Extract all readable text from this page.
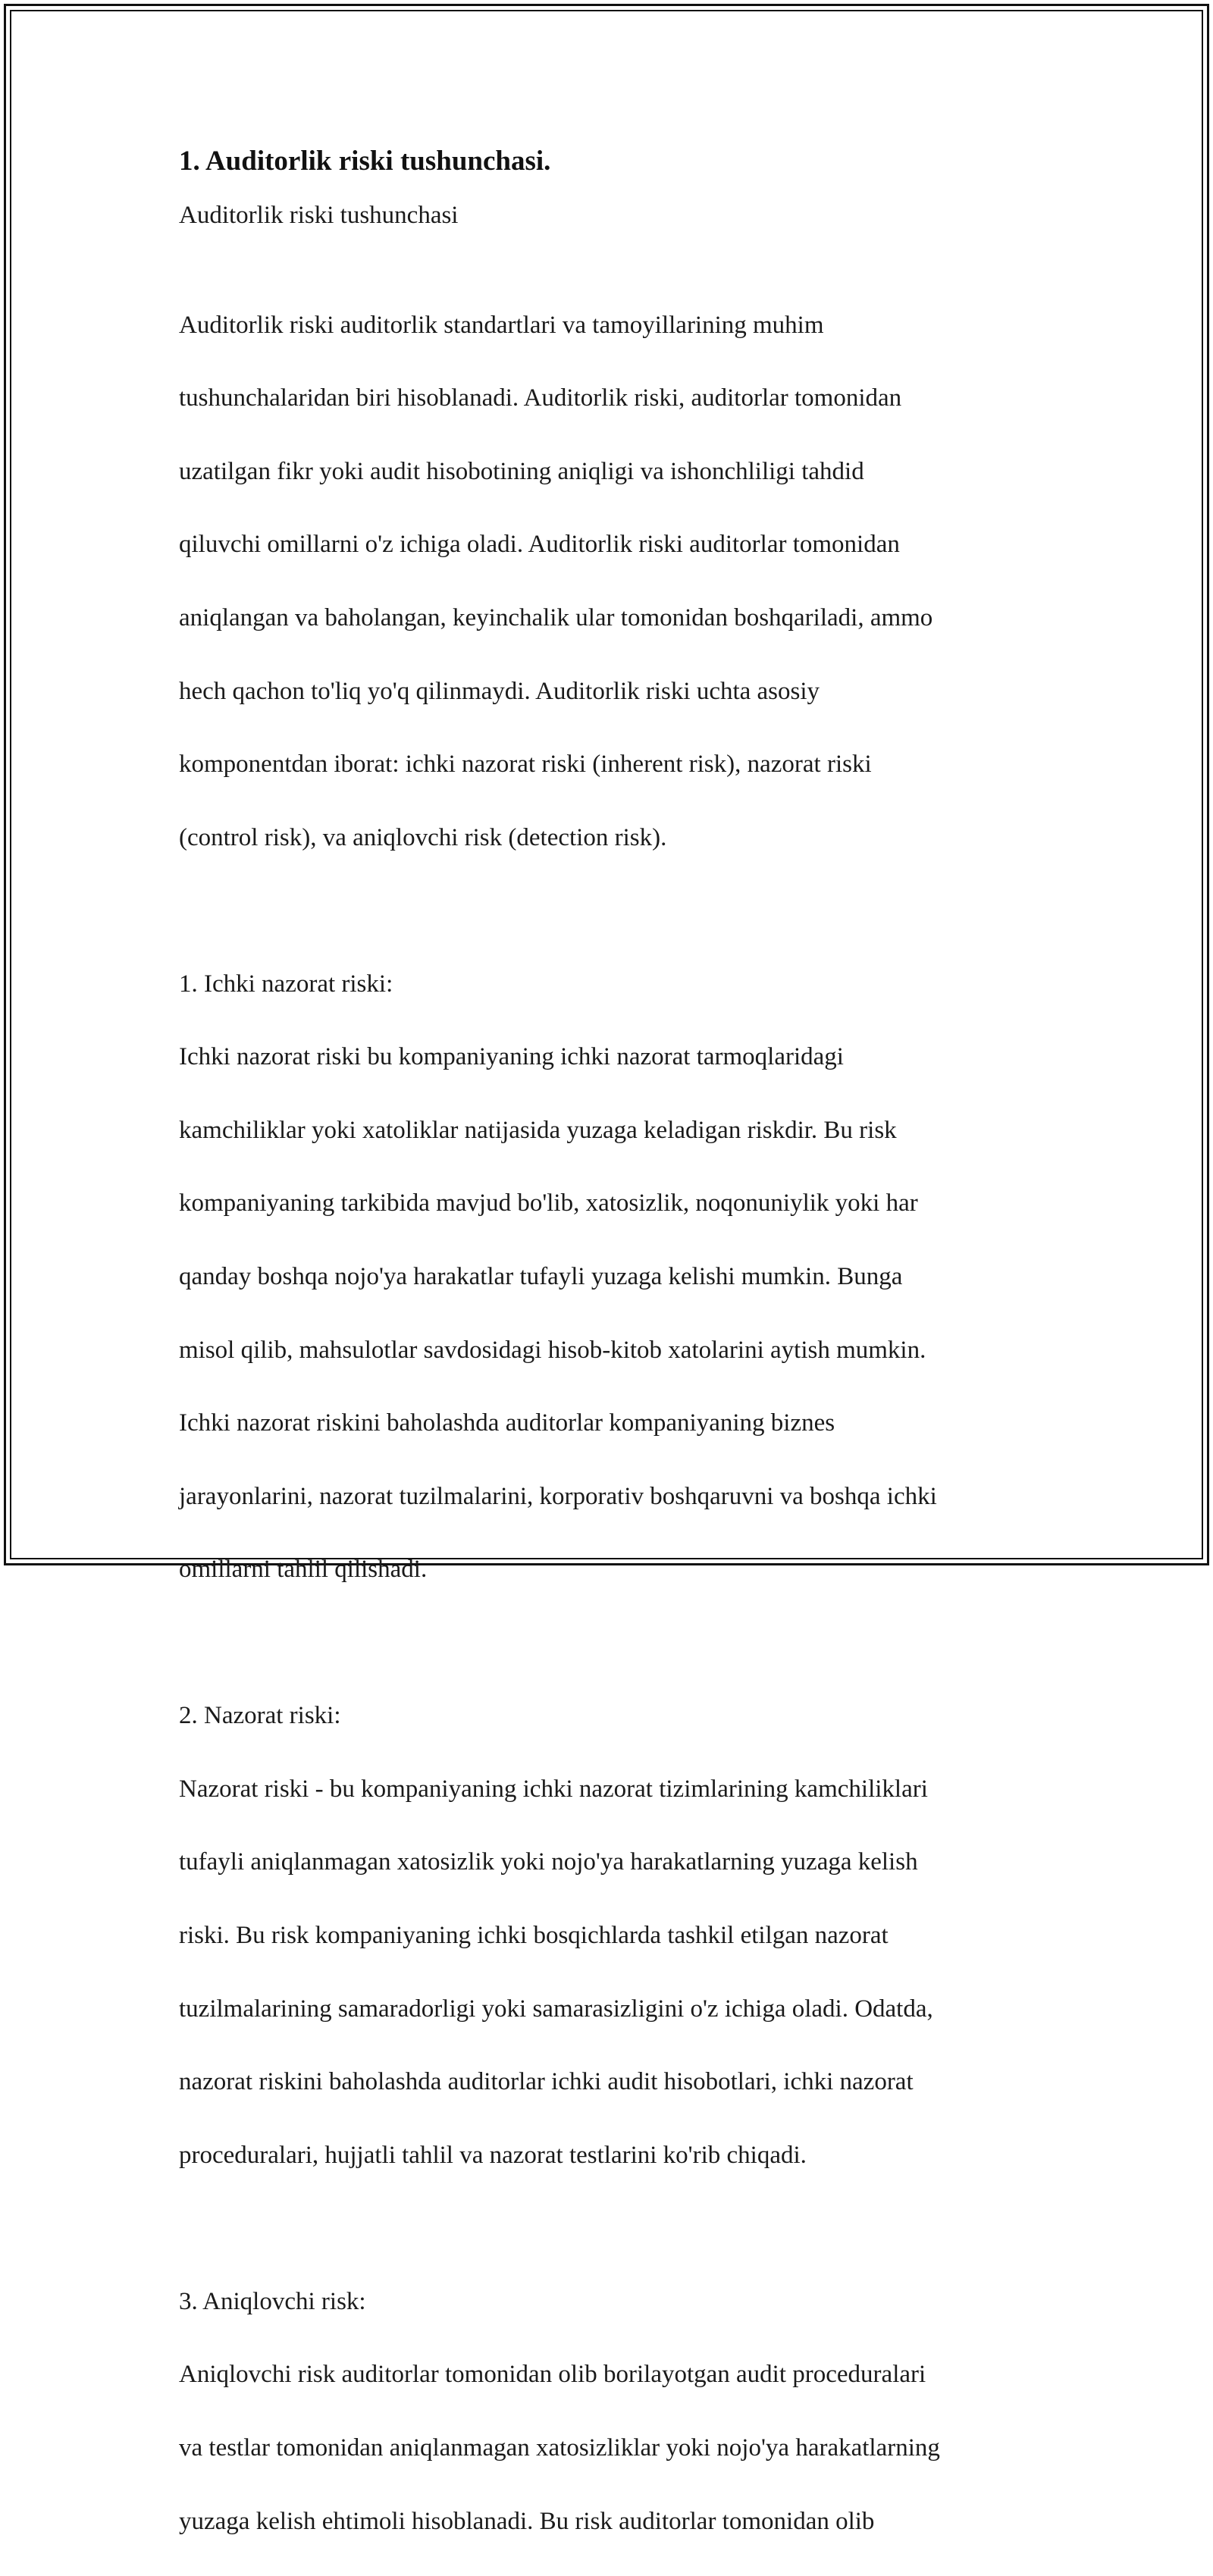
1. Auditorlik riski tushunchasi.
Auditorlik riski tushunchasi

Auditorlik riski auditorlik standartlari va tamoyillarining muhim

tushunchalaridan biri hisoblanadi. Auditorlik riski, auditorlar tomonidan

uzatilgan fikr yoki audit hisobotining aniqligi va ishonchliligi tahdid

qiluvchi omillarni o'z ichiga oladi. Auditorlik riski auditorlar tomonidan

aniqlangan va baholangan, keyinchalik ular tomonidan boshqariladi, ammo

hech qachon to'liq yo'q qilinmaydi. Auditorlik riski uchta asosiy

komponentdan iborat: ichki nazorat riski (inherent risk), nazorat riski

(control risk), va aniqlovchi risk (detection risk).

1. Ichki nazorat riski:

Ichki nazorat riski bu kompaniyaning ichki nazorat tarmoqlaridagi

kamchiliklar yoki xatoliklar natijasida yuzaga keladigan riskdir. Bu risk

kompaniyaning tarkibida mavjud bo'lib, xatosizlik, noqonuniylik yoki har

qanday boshqa nojo'ya harakatlar tufayli yuzaga kelishi mumkin. Bunga

misol qilib, mahsulotlar savdosidagi hisob-kitob xatolarini aytish mumkin.

Ichki nazorat riskini baholashda auditorlar kompaniyaning biznes

jarayonlarini, nazorat tuzilmalarini, korporativ boshqaruvni va boshqa ichki

omillarni tahlil qilishadi.

2. Nazorat riski:

Nazorat riski - bu kompaniyaning ichki nazorat tizimlarining kamchiliklari

tufayli aniqlanmagan xatosizlik yoki nojo'ya harakatlarning yuzaga kelish

riski. Bu risk kompaniyaning ichki bosqichlarda tashkil etilgan nazorat

tuzilmalarining samaradorligi yoki samarasizligini o'z ichiga oladi. Odatda,

nazorat riskini baholashda auditorlar ichki audit hisobotlari, ichki nazorat

proceduralari, hujjatli tahlil va nazorat testlarini ko'rib chiqadi.

3. Aniqlovchi risk:

Aniqlovchi risk auditorlar tomonidan olib borilayotgan audit proceduralari

va testlar tomonidan aniqlanmagan xatosizliklar yoki nojo'ya harakatlarning

yuzaga kelish ehtimoli hisoblanadi. Bu risk auditorlar tomonidan olib
